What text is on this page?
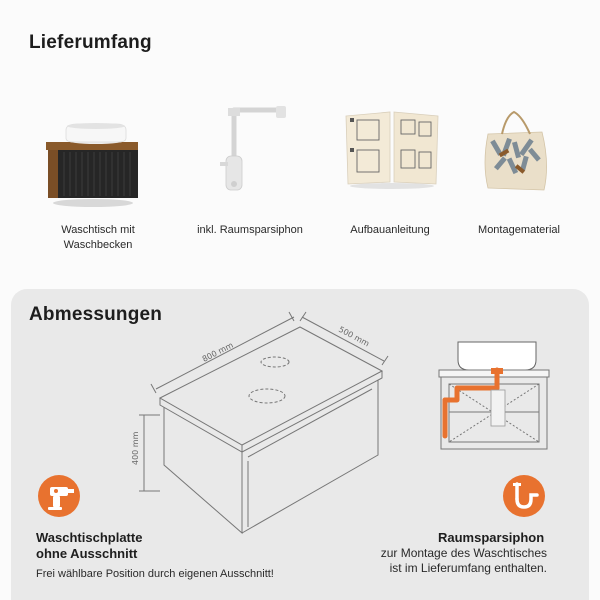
Lieferumfang
Waschtisch mit
Waschbecken
inkl. Raumsparsiphon	Aufbauanleitung	Montagematerial
Abmessungen
800 mm
500 mm
400 mm
Waschtischplatte
ohne Ausschnitt
Frei wählbare Position durch eigenen Ausschnitt!
Raumsparsiphon
zur Montage des Waschtisches
ist im Lieferumfang enthalten.
